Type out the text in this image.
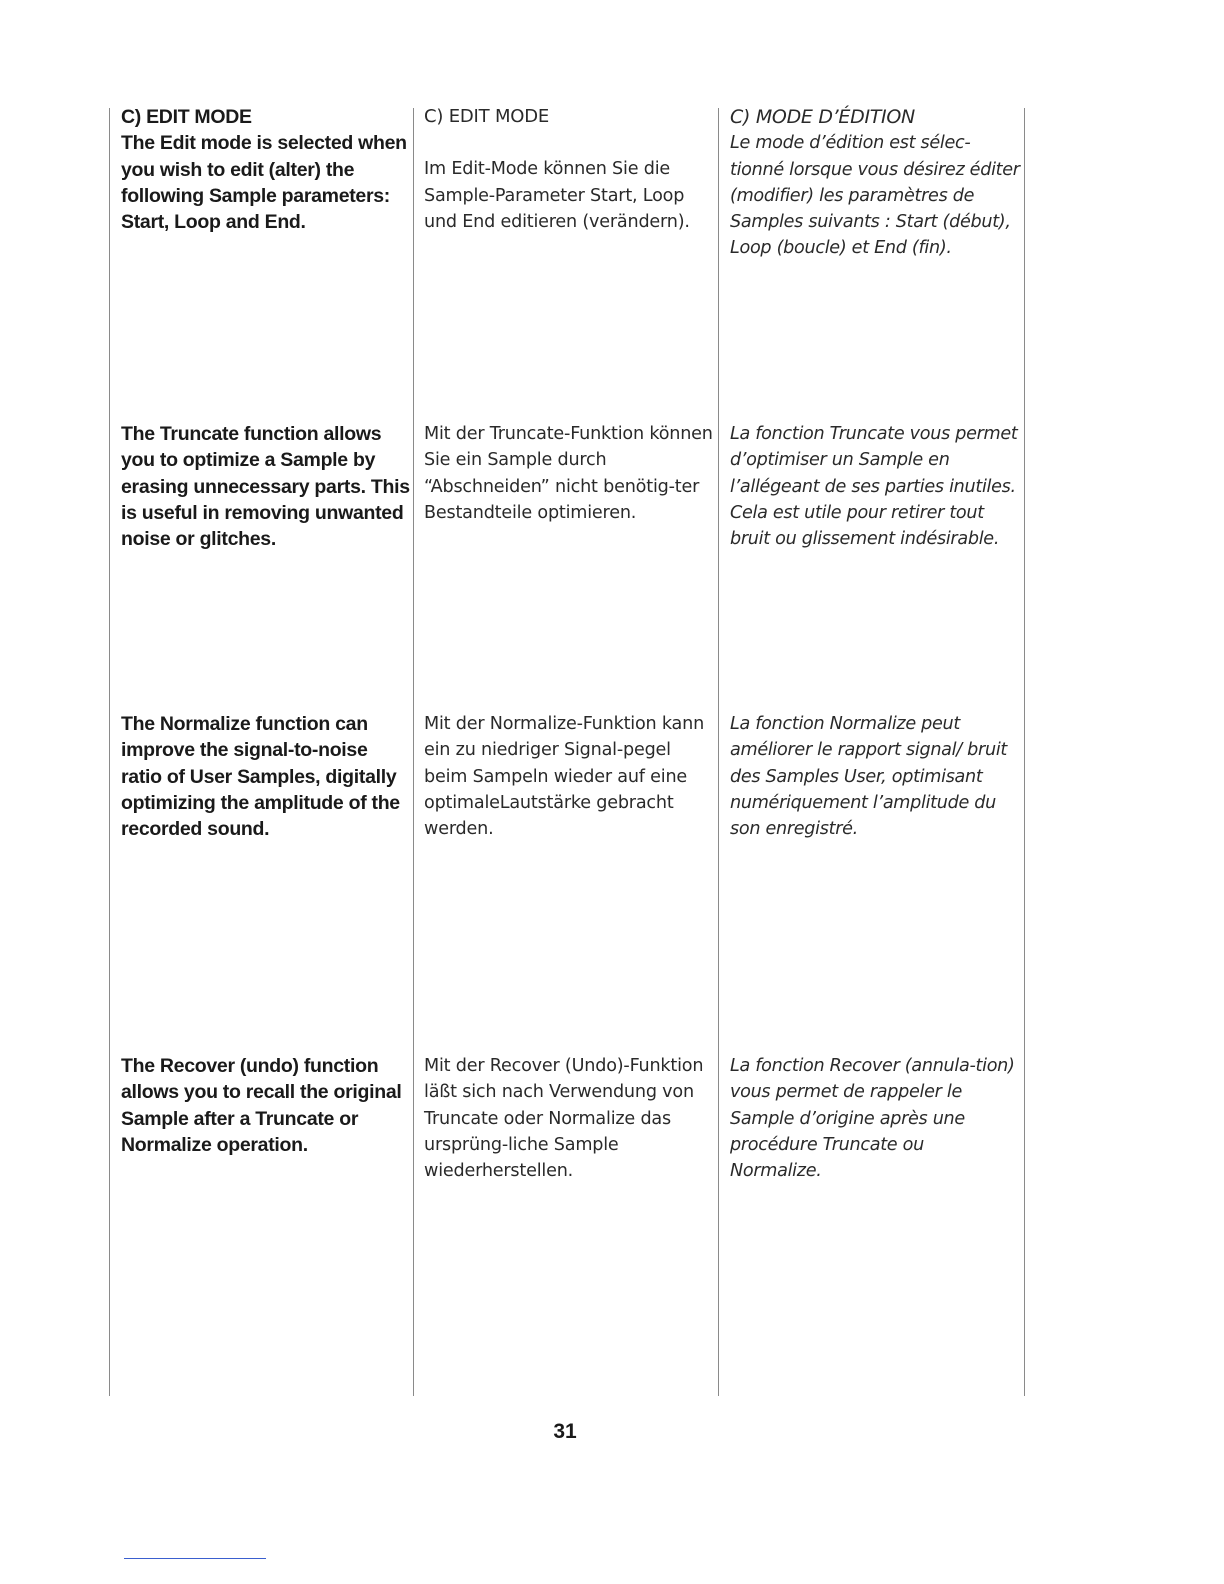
C) EDIT MODE
The Edit mode is selected when you wish to edit (alter) the following Sample parameters: Start, Loop and End.
The Truncate function allows you to optimize a Sample by erasing unnecessary parts. This is useful in removing unwanted noise or glitches.
The Normalize function can improve the signal-to-noise ratio of User Samples, digitally optimizing the amplitude of the recorded sound.
The Recover (undo) function allows you to recall the original Sample after a Truncate or Normalize operation.
C) EDIT MODE
Im Edit-Mode können Sie die Sample-Parameter Start, Loop und End editieren (verändern).
Mit der Truncate-Funktion können Sie ein Sample durch “Abschneiden” nicht benötig-ter Bestandteile optimieren.
Mit der Normalize-Funktion kann ein zu niedriger Signal-pegel beim Sampeln wieder auf eine optimaleLautstärke gebracht werden.
Mit der Recover (Undo)-Funktion läßt sich nach Verwendung von Truncate oder Normalize das ursprüng-liche Sample wiederherstellen.
C) MODE D’ÉDITION
Le mode d’édition est sélec-tionné lorsque vous désirez éditer (modifier) les paramètres de Samples suivants : Start (début), Loop (boucle) et End (fin).
La fonction Truncate vous permet d’optimiser un Sample en l’allégeant de ses parties inutiles. Cela est utile pour retirer tout bruit ou glissement indésirable.
La fonction Normalize peut améliorer le rapport signal/ bruit des Samples User, optimisant numériquement l’amplitude du son enregistré.
La fonction Recover (annula-tion) vous permet de rappeler le Sample d’origine après une procédure Truncate ou Normalize.
31
